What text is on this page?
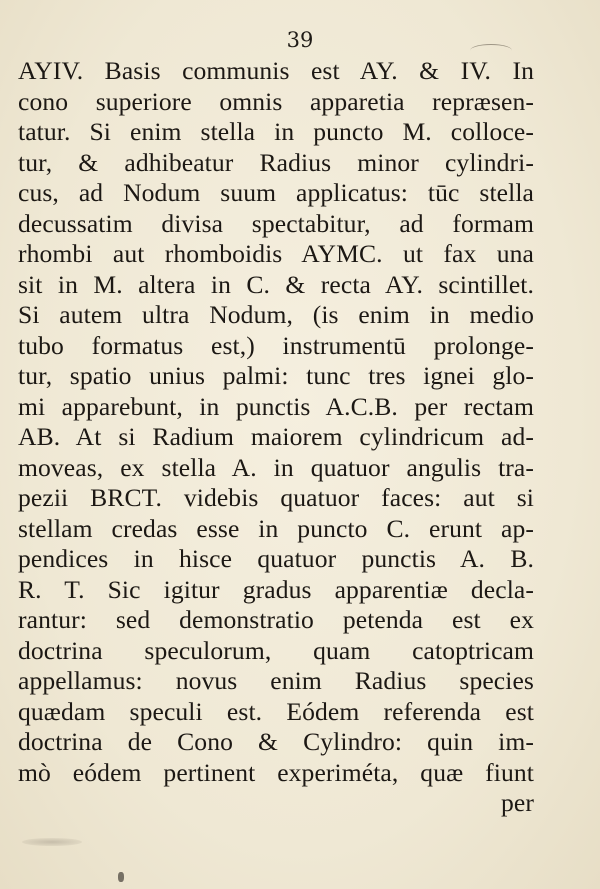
39
AYIV. Basis communis est AY. & IV. In
cono superiore omnis apparetia repræsen-
tatur. Si enim stella in puncto M. colloce-
tur, & adhibeatur Radius minor cylindri-
cus, ad Nodum suum applicatus: tūc stella
decussatim divisa spectabitur, ad formam
rhombi aut rhomboidis AYMC. ut fax una
sit in M. altera in C. & recta AY. scintillet.
Si autem ultra Nodum, (is enim in medio
tubo formatus est,) instrumentū prolonge-
tur, spatio unius palmi: tunc tres ignei glo-
mi apparebunt, in punctis A.C.B. per rectam
AB. At si Radium maiorem cylindricum ad-
moveas, ex stella A. in quatuor angulis tra-
pezii BRCT. videbis quatuor faces: aut si
stellam credas esse in puncto C. erunt ap-
pendices in hisce quatuor punctis A. B.
R. T. Sic igitur gradus apparentiæ decla-
rantur: sed demonstratio petenda est ex
doctrina speculorum, quam catoptricam
appellamus: novus enim Radius species
quædam speculi est. Eódem referenda est
doctrina de Cono & Cylindro: quin im-
mò eódem pertinent experiméta, quæ fiunt
per
